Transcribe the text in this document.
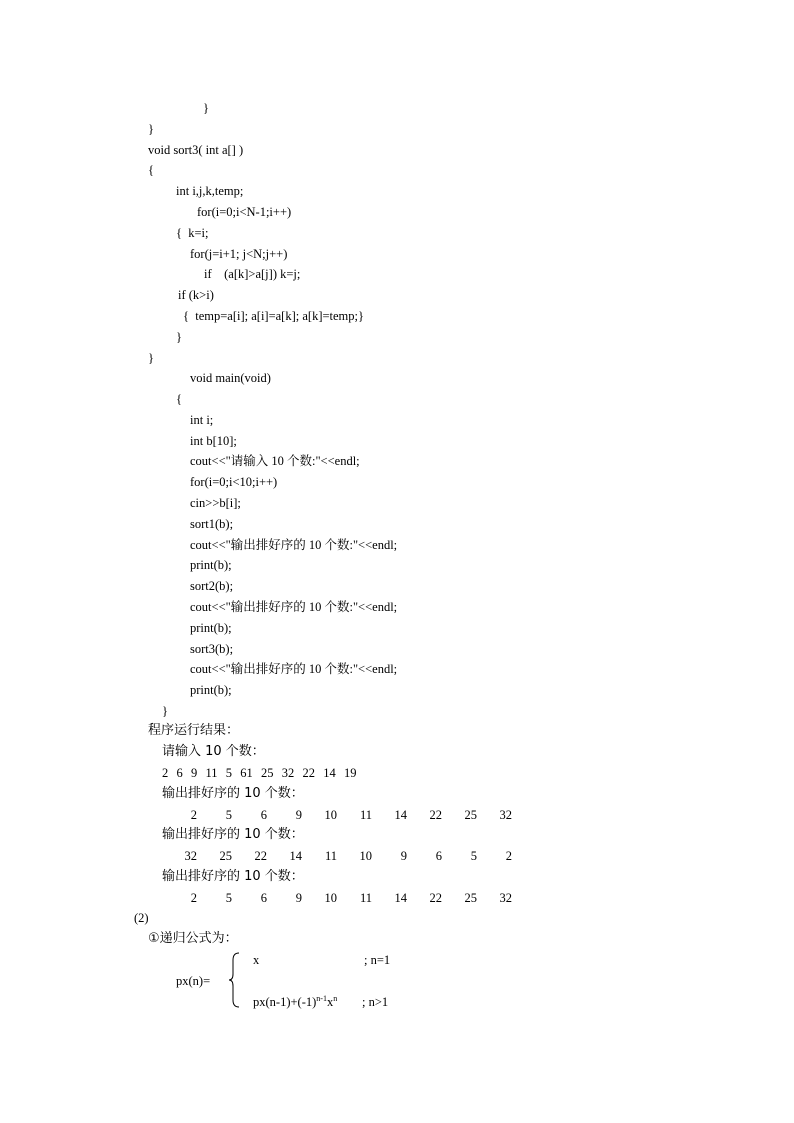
}
}
void sort3( int a[] )
{
int i,j,k,temp;
for(i=0;i<N-1;i++)
{  k=i;
for(j=i+1; j<N;j++)
if    (a[k]>a[j]) k=j;
if (k>i)
{  temp=a[i]; a[i]=a[k]; a[k]=temp;}
}
}
void main(void)
{
int i;
int b[10];
cout<<"请输入 10 个数:"<<endl;
for(i=0;i<10;i++)
cin>>b[i];
sort1(b);
cout<<"输出排好序的 10 个数:"<<endl;
print(b);
sort2(b);
cout<<"输出排好序的 10 个数:"<<endl;
print(b);
sort3(b);
cout<<"输出排好序的 10 个数:"<<endl;
print(b);
}
程序运行结果：
请输入 10 个数：
2  6  9  11  5  61  25  32  22  14  19
输出排好序的 10 个数：
2	5	6	9	10	11	14	22	25	32
输出排好序的 10 个数：
32	25	22	14	11	10	9	6	5	2
输出排好序的 10 个数：
2	5	6	9	10	11	14	22	25	32
(2)
①递归公式为：
px(n)=
x	; n=1
$px(n-1)+(-1)^{n-1}x^n$ ; n>1
